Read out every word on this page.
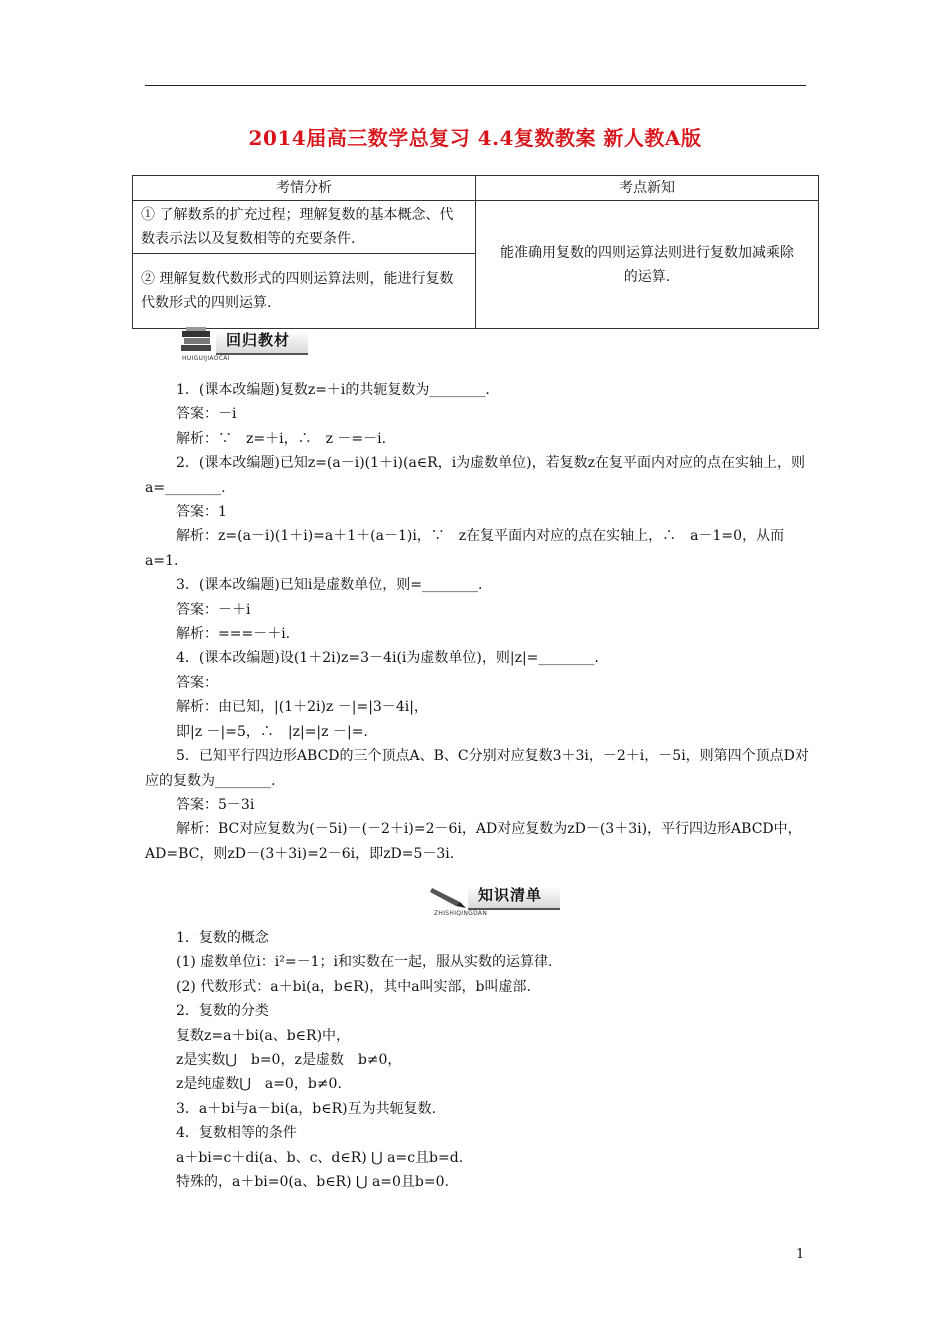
2014届高三数学总复习 4.4复数教案 新人教A版
考情分析	考点新知
① 了解数系的扩充过程；理解复数的基本概念、代数表示法以及复数相等的充要条件.	能准确用复数的四则运算法则进行复数加减乘除的运算.
② 理解复数代数形式的四则运算法则，能进行复数代数形式的四则运算.	
回归教材
HUIGUIJIAOCAI

1．(课本改编题)复数z=＋i的共轭复数为________.

答案：－i

解析：∵　z=＋i，∴　z －=－i.

2．(课本改编题)已知z=(a－i)(1＋i)(a∈R，i为虚数单位)，若复数z在复平面内对应的点在实轴上，则a=________.

答案：1

解析：z=(a－i)(1＋i)=a＋1＋(a－1)i，∵　z在复平面内对应的点在实轴上，∴　a－1=0，从而a=1.

3．(课本改编题)已知i是虚数单位，则=________.

答案：－＋i

解析：===－＋i.

4．(课本改编题)设(1＋2i)z=3－4i(i为虚数单位)，则|z|=________.

答案：

解析：由已知，|(1＋2i)z －|=|3－4i|，

即|z －|=5，∴　|z|=|z －|=.

5．已知平行四边形ABCD的三个顶点A、B、C分别对应复数3＋3i，－2＋i，－5i，则第四个顶点D对应的复数为________.

答案：5－3i

解析：BC对应复数为(－5i)－(－2＋i)=2－6i，AD对应复数为zD－(3＋3i)，平行四边形ABCD中，AD=BC，则zD－(3＋3i)=2－6i，即zD=5－3i.

知识清单
ZHISHIQINGDAN

1．复数的概念

(1) 虚数单位i：i²=－1；i和实数在一起，服从实数的运算律.

(2) 代数形式：a＋bi(a，b∈R)，其中a叫实部，b叫虚部.

2．复数的分类

复数z=a＋bi(a、b∈R)中，

z是实数⋃　b=0，z是虚数　b≠0，

z是纯虚数⋃　a=0，b≠0.

3．a＋bi与a－bi(a，b∈R)互为共轭复数.

4．复数相等的条件

a＋bi=c＋di(a、b、c、d∈R) ⋃ a=c且b=d.

特殊的，a＋bi=0(a、b∈R) ⋃ a=0且b=0.

1
